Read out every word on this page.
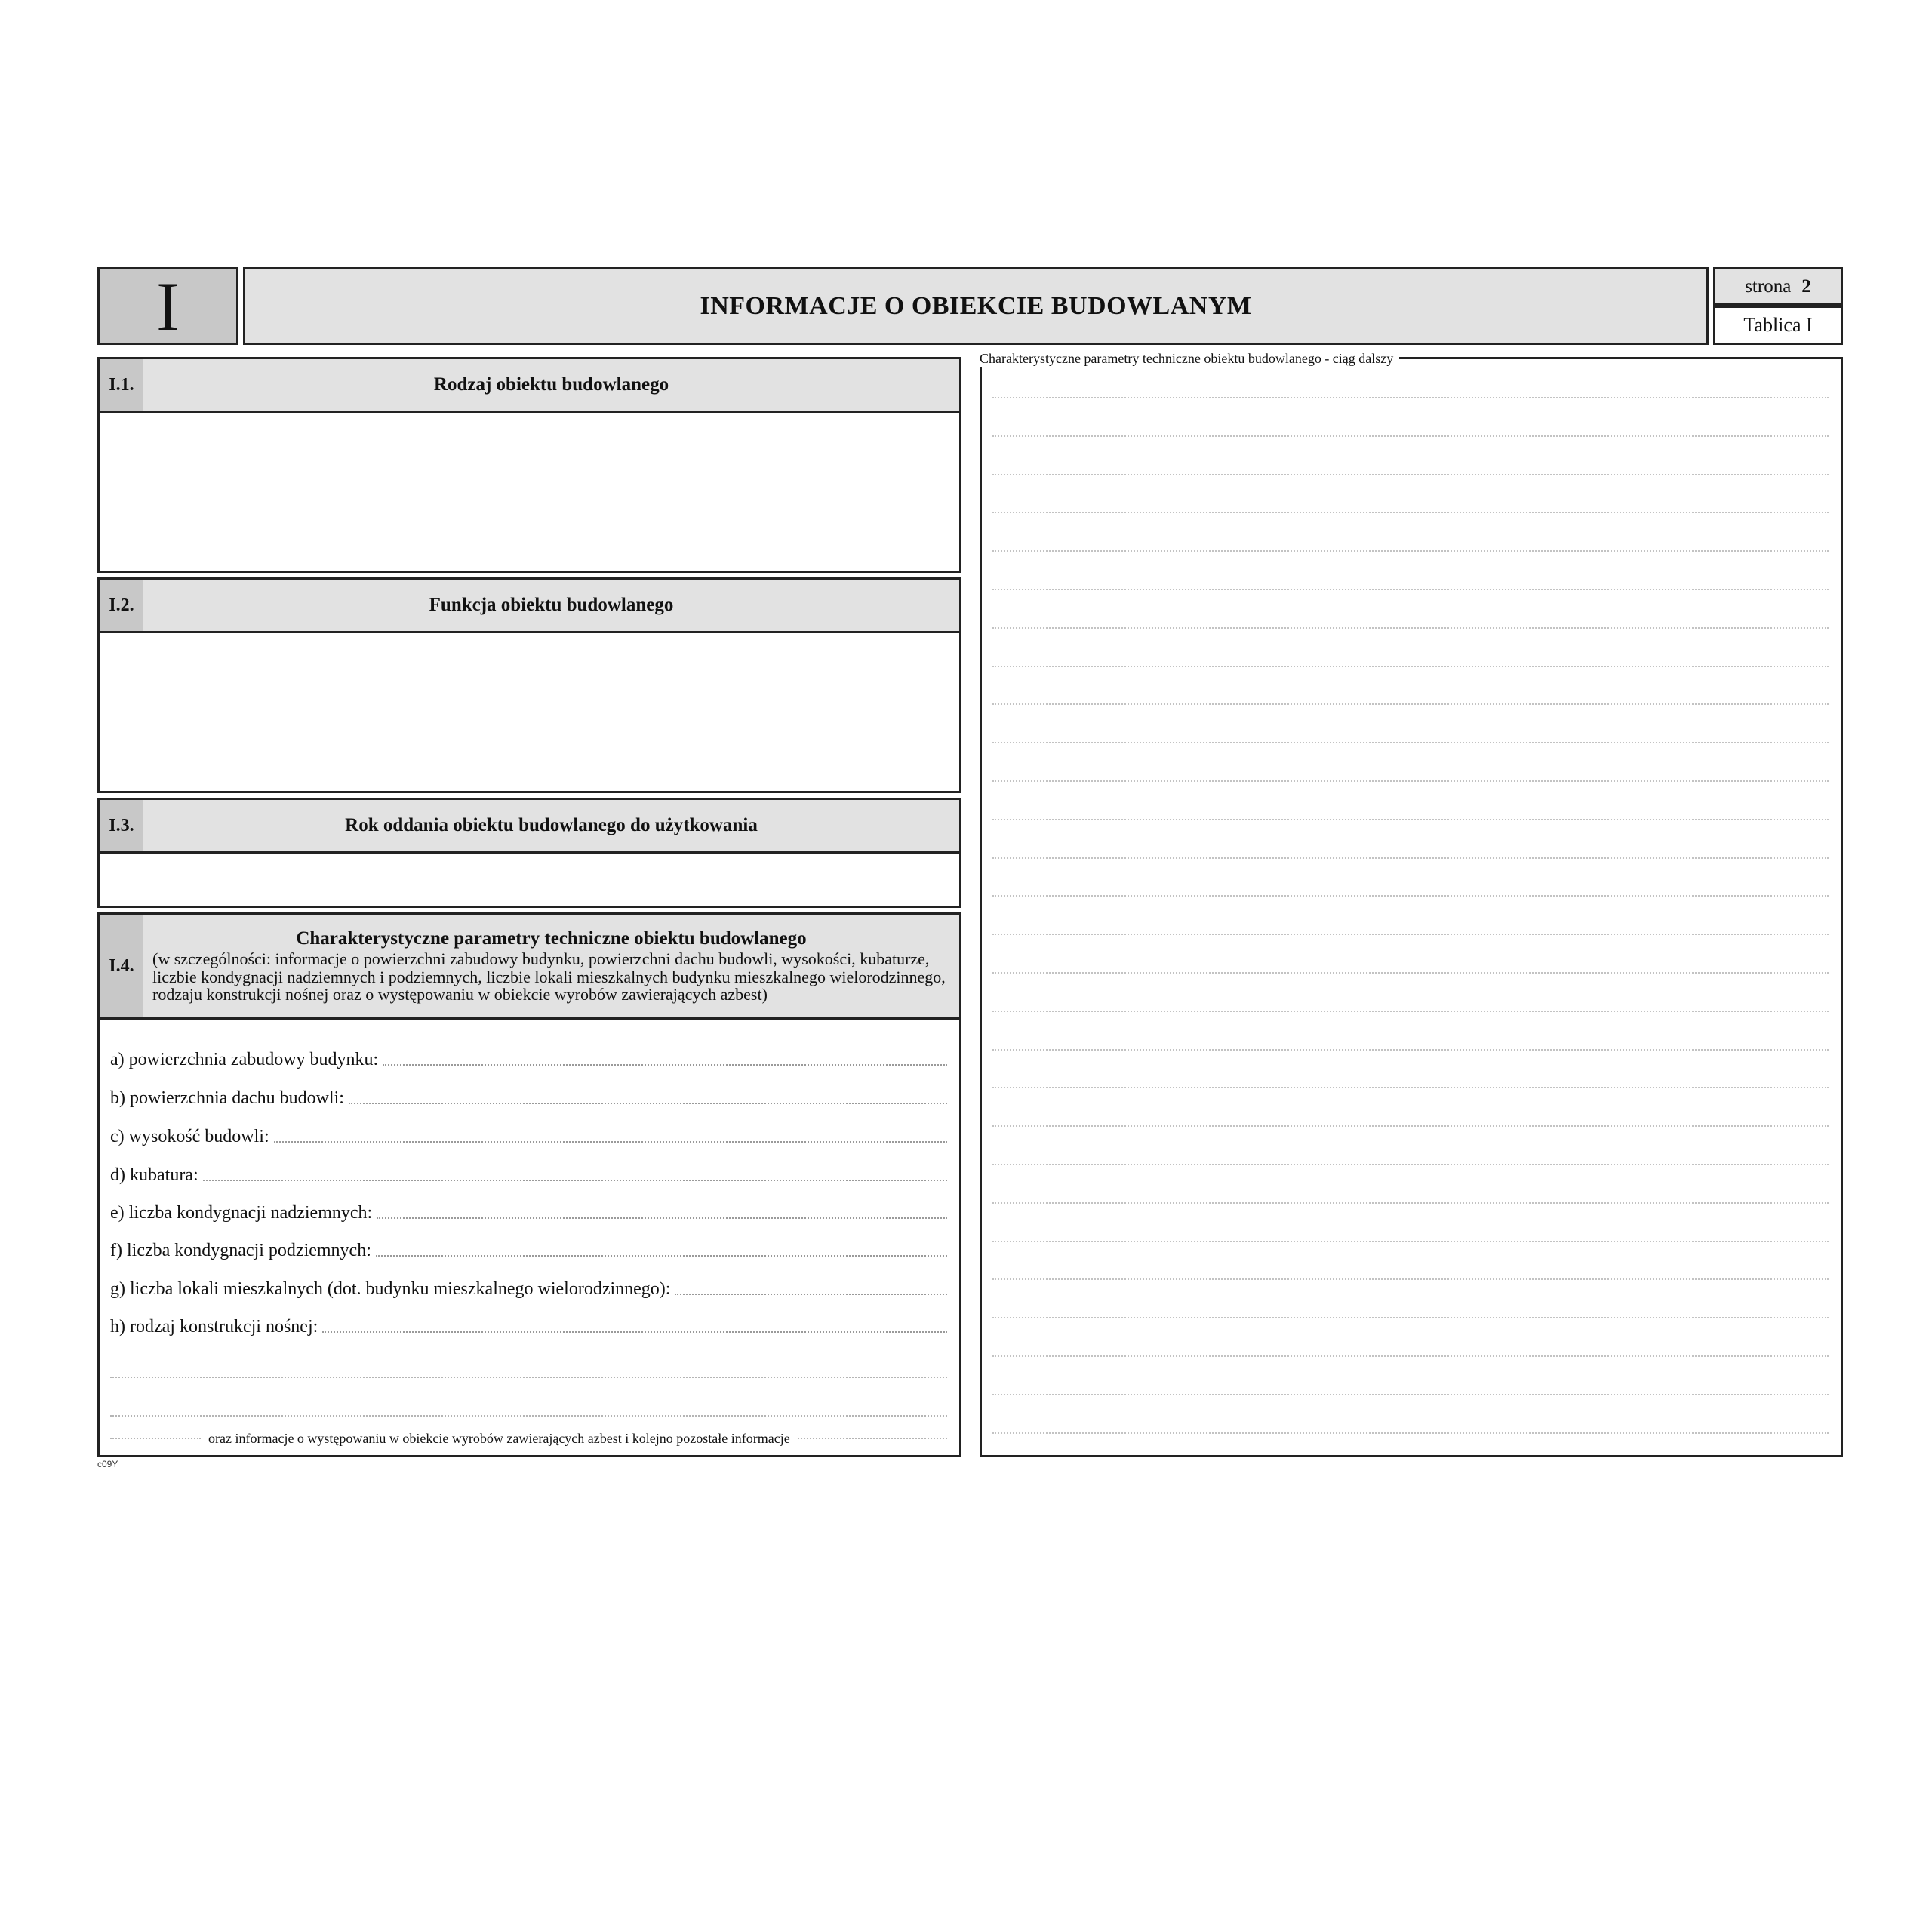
I	INFORMACJE O OBIEKCIE BUDOWLANYM
strona 2
Tablica I
I.1.	Rodzaj obiektu budowlanego
I.2.	Funkcja obiektu budowlanego
I.3.	Rok oddania obiektu budowlanego do użytkowania
I.4.
Charakterystyczne parametry techniczne obiektu budowlanego
(w szczególności: informacje o powierzchni zabudowy budynku, powierzchni dachu budowli, wysokości, kubaturze, liczbie kondygnacji nadziemnych i podziemnych, liczbie lokali mieszkalnych budynku mieszkalnego wielorodzinnego, rodzaju konstrukcji nośnej oraz o występowaniu w obiekcie wyrobów zawierających azbest)
a) powierzchnia zabudowy budynku:
b) powierzchnia dachu budowli:
c) wysokość budowli:
d) kubatura:
e) liczba kondygnacji nadziemnych:
f) liczba kondygnacji podziemnych:
g) liczba lokali mieszkalnych (dot. budynku mieszkalnego wielorodzinnego):
h) rodzaj konstrukcji nośnej:
oraz informacje o występowaniu w obiekcie wyrobów zawierających azbest i kolejno pozostałe informacje
Charakterystyczne parametry techniczne obiektu budowlanego - ciąg dalszy
c09Y
